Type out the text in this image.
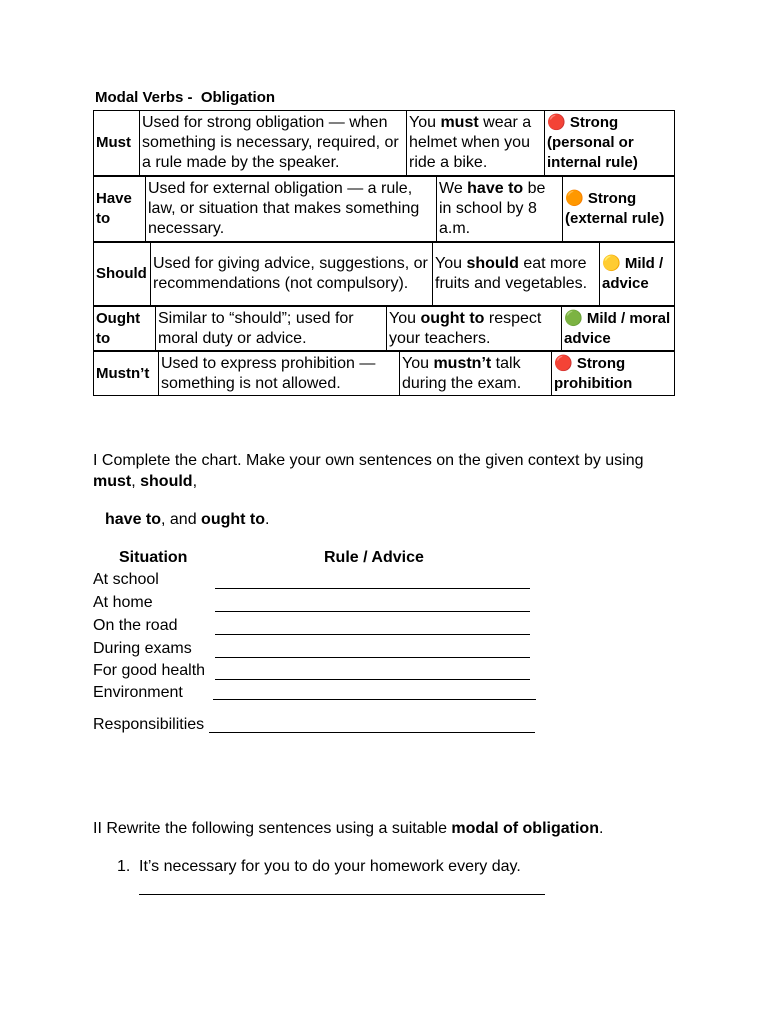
Modal Verbs -  Obligation
Must
Used for strong obligation — when something is necessary, required, or a rule made by the speaker.
You must wear a helmet when you ride a bike.
🔴 Strong (personal or internal rule)
Have to
Used for external obligation — a rule, law, or situation that makes something necessary.
We have to be in school by 8 a.m.
🟠 Strong (external rule)
Should
Used for giving advice, suggestions, or recommendations (not compulsory).
You should eat more fruits and vegetables.
🟡 Mild / advice
Ought to
Similar to “should”; used for moral duty or advice.
You ought to respect your teachers.
🟢 Mild / moral advice
Mustn’t
Used to express prohibition — something is not allowed.
You mustn’t talk during the exam.
🔴 Strong prohibition
I Complete the chart. Make your own sentences on the given context by using
must, should,
have to, and ought to.
Situation	Rule / Advice
At school
At home
On the road
During exams
For good health
Environment
Responsibilities
II Rewrite the following sentences using a suitable modal of obligation.
1. It’s necessary for you to do your homework every day.
